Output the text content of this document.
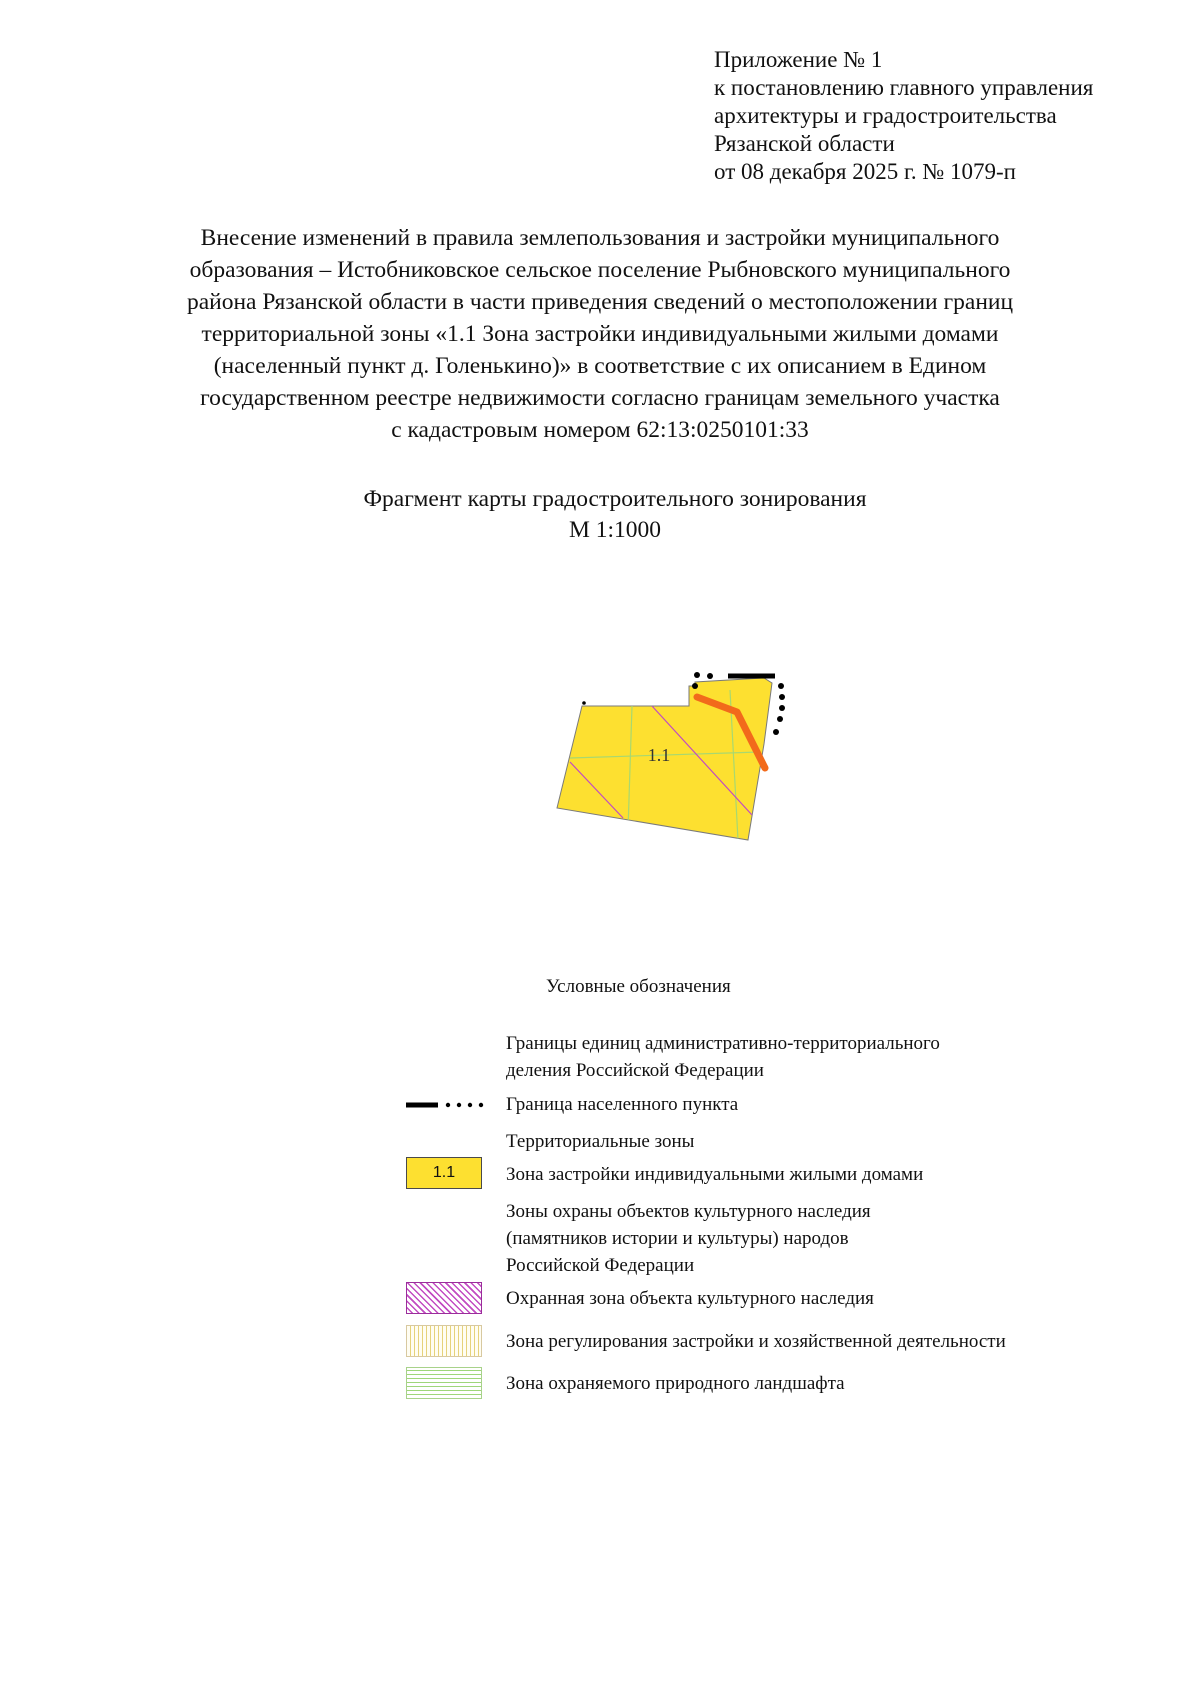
Приложение № 1
к постановлению главного управления
архитектуры и градостроительства
Рязанской области
от 08 декабря 2025 г. № 1079-п
Внесение изменений в правила землепользования и застройки муниципального
образования – Истобниковское сельское поселение Рыбновского муниципального
района Рязанской области в части приведения сведений о местоположении границ
территориальной зоны «1.1 Зона застройки индивидуальными жилыми домами
(населенный пункт д. Голенькино)» в соответствие с их описанием в Едином
государственном реестре недвижимости согласно границам земельного участка
с кадастровым номером 62:13:0250101:33
Фрагмент карты градостроительного зонирования
М 1:1000
1.1
Условные обозначения
Границы единиц административно-территориального
деления Российской Федерации
Граница населенного пункта
Территориальные зоны
1.1	Зона застройки индивидуальными жилыми домами
Зоны охраны объектов культурного наследия
(памятников истории и культуры) народов
Российской Федерации
Охранная зона объекта культурного наследия
Зона регулирования застройки и хозяйственной деятельности
Зона охраняемого природного ландшафта
